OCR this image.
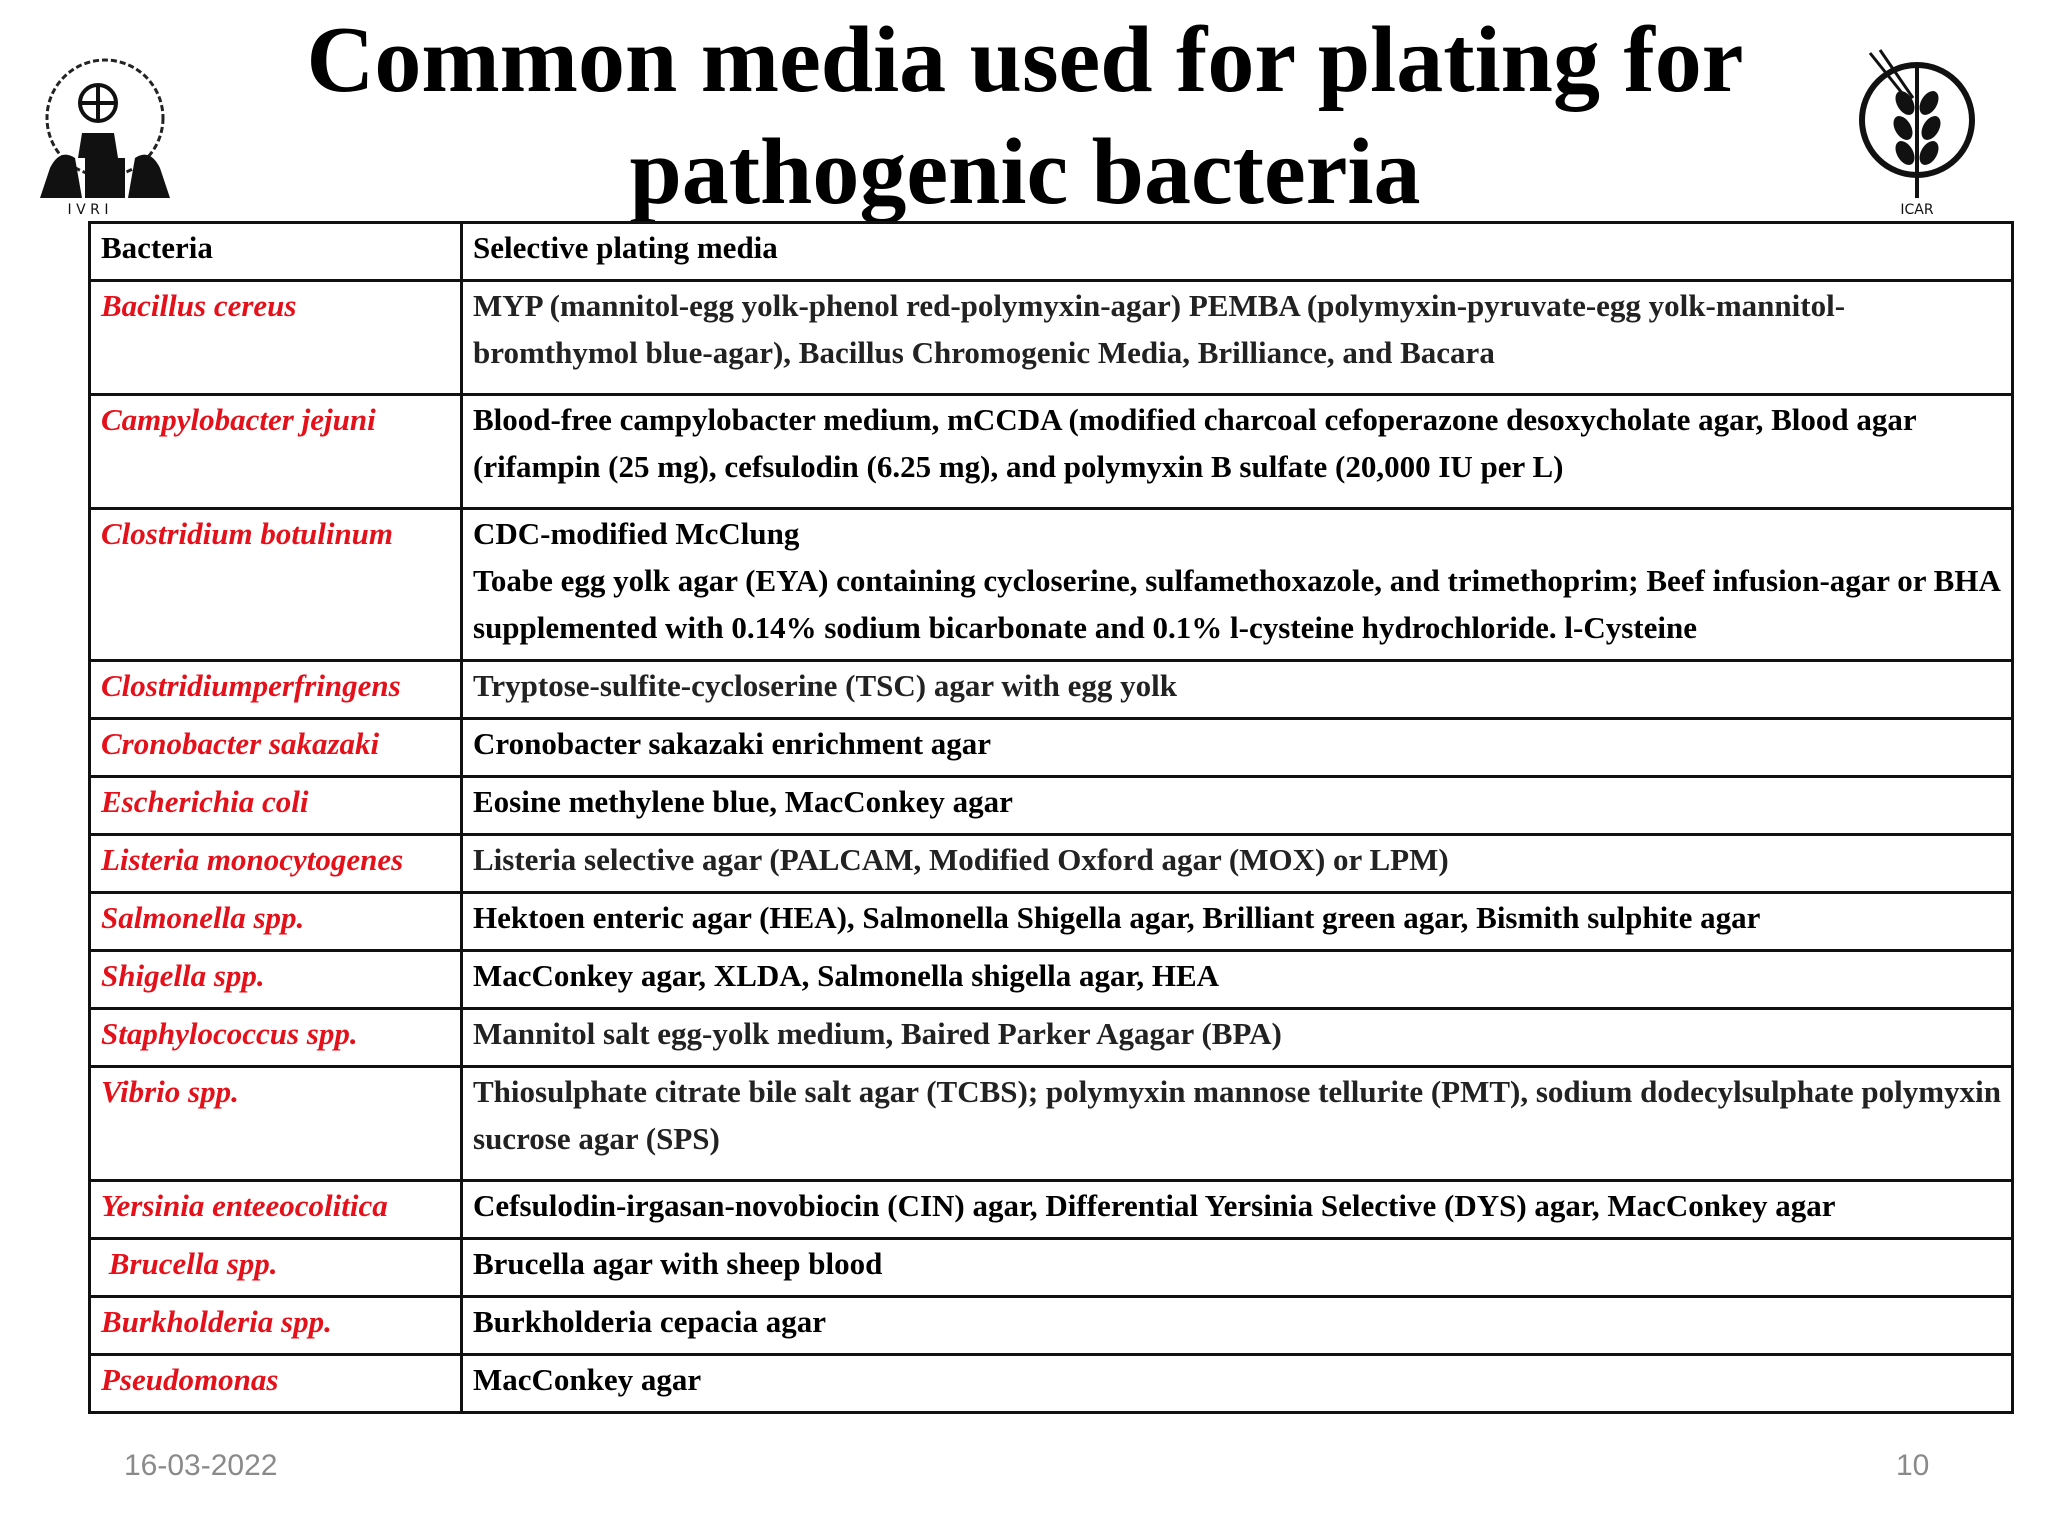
Common media used for plating for
pathogenic bacteria
I V R I	ICAR
Bacteria	Selective plating media
Bacillus cereus	MYP (mannitol-egg yolk-phenol red-polymyxin-agar) PEMBA (polymyxin-pyruvate-egg yolk-mannitol-bromthymol blue-agar), Bacillus Chromogenic Media, Brilliance, and Bacara
Campylobacter jejuni	Blood-free campylobacter medium, mCCDA (modified charcoal cefoperazone desoxycholate agar, Blood agar (rifampin (25 mg), cefsulodin (6.25 mg), and polymyxin B sulfate (20,000 IU per L)
Clostridium botulinum	CDC-modified McClung
Toabe egg yolk agar (EYA) containing cycloserine, sulfamethoxazole, and trimethoprim; Beef infusion-agar or BHA supplemented with 0.14% sodium bicarbonate and 0.1% l-cysteine hydrochloride. l-Cysteine

Clostridiumperfringens	Tryptose-sulfite-cycloserine (TSC) agar with egg yolk
Cronobacter sakazaki	Cronobacter sakazaki enrichment agar
Escherichia coli	Eosine methylene blue, MacConkey agar
Listeria monocytogenes	Listeria selective agar (PALCAM, Modified Oxford agar (MOX) or LPM)
Salmonella spp.	Hektoen enteric agar (HEA), Salmonella Shigella agar, Brilliant green agar, Bismith sulphite agar
Shigella spp.	MacConkey agar, XLDA, Salmonella shigella agar, HEA
Staphylococcus spp.	Mannitol salt egg-yolk medium, Baired Parker Agagar (BPA)
Vibrio spp.	Thiosulphate citrate bile salt agar (TCBS); polymyxin mannose tellurite (PMT), sodium dodecylsulphate polymyxin sucrose agar (SPS)
Yersinia enteeocolitica	Cefsulodin-irgasan-novobiocin (CIN) agar, Differential Yersinia Selective (DYS) agar, MacConkey agar
Brucella spp.	Brucella agar with sheep blood
Burkholderia spp.	Burkholderia cepacia agar
Pseudomonas	MacConkey agar
16-03-2022	10
